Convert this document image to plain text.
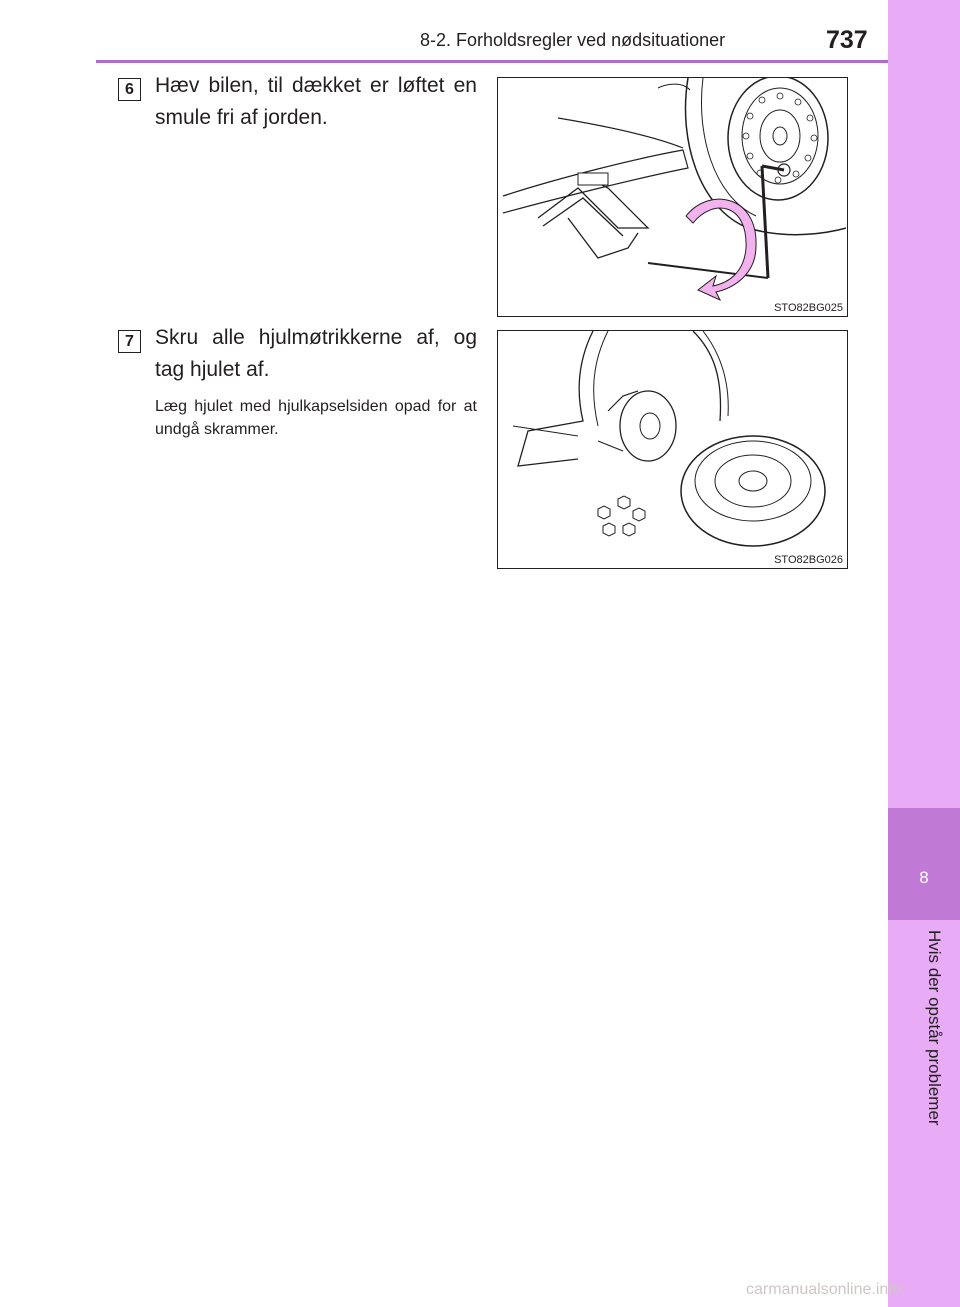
8
Hvis der opstår problemer
8-2. Forholdsregler ved nødsituationer	737
6	Hæv bilen, til dækket er løftet en smule fri af jorden.
STO82BG025
7	Skru alle hjulmøtrikkerne af, og tag hjulet af.
Læg hjulet med hjulkapselsiden opad for at undgå skrammer.
STO82BG026
carmanualsonline.info
